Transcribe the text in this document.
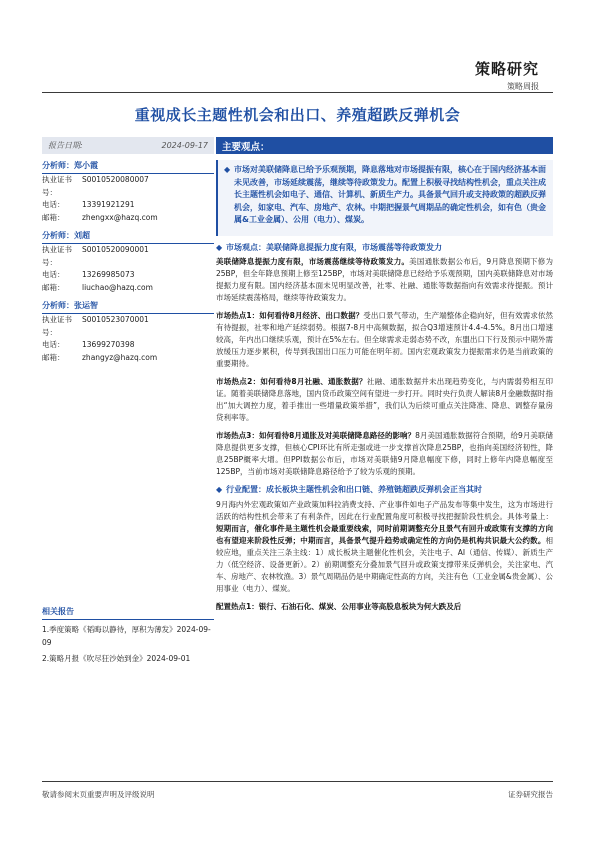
策略研究
策略周报
重视成长主题性机会和出口、养殖超跌反弹机会
报告日期:	2024-09-17
分析师：郑小霞
执业证书号：
S0010520080007
电话：	13391921291
邮箱：	zhengxx@hazq.com
分析师：刘超
执业证书号：
S0010520090001
电话：	13269985073
邮箱：	liuchao@hazq.com
分析师：张运智
执业证书号：
S0010523070001
电话：	13699270398
邮箱：	zhangyz@hazq.com
相关报告
1.季度策略《韬晦以静待，厚积为薄发》2024-09-09
2.策略月报《吹尽狂沙始到金》2024-09-01
主要观点：
◆ 市场对美联储降息已给予乐观预期，降息落地对市场提振有限，核心在于国内经济基本面未见改善，市场延续震荡，继续等待政策发力。配置上积极寻找结构性机会，重点关注成长主题性机会如电子、通信、计算机、新质生产力。具备景气回升或支持政策的超跌反弹机会，如家电、汽车、房地产、农林。中期把握景气周期品的确定性机会，如有色（贵金属&工业金属）、公用（电力）、煤炭。
◆ 市场观点：美联储降息提振力度有限，市场震荡等待政策发力
美联储降息提振力度有限，市场震荡继续等待政策发力。美国通胀数据公布后，9月降息预期下修为25BP，但全年降息预期上修至125BP，市场对美联储降息已经给予乐观预期，国内美联储降息对市场提振力度有限。国内经济基本面未见明显改善，社零、社融、通胀等数据指向有效需求待提振。预计市场延续震荡格局，继续等待政策发力。
市场热点1：如何看待8月经济、出口数据？受出口景气带动，生产端整体企稳向好，但有效需求依然有待提振，社零和地产延续弱势。根据7-8月中高频数据，拟合Q3增速预计4.4-4.5%。8月出口增速较高，年内出口继续乐观，预计在5%左右。但全球需求走弱态势不改，东盟出口下行及预示中期外需放缓压力逐步累积，传导到我国出口压力可能在明年初。国内宏观政策发力提振需求仍是当前政策的重要期待。
市场热点2：如何看待8月社融、通胀数据？社融、通胀数据并未出现趋势变化，与内需弱势相互印证。随着美联储降息落地，国内货币政策空间有望进一步打开。同时央行负责人解读8月金融数据时指出“加大调控力度，着手推出一些增量政策举措”，我们认为后续可重点关注降准、降息、调整存量房贷利率等。
市场热点3：如何看待8月通胀及对美联储降息路径的影响？8月美国通胀数据符合预期，给9月美联储降息提供更多支撑，但核心CPI环比有所走强或进一步支撑首次降息25BP，也指向美国经济韧性，降息25BP概率大增。但PPI数据公布后，市场对美联储9月降息幅度下修，同时上修年内降息幅度至125BP，当前市场对美联储降息路径给予了较为乐观的预期。
◆ 行业配置：成长板块主题性机会和出口链、养殖链超跌反弹机会正当其时
9月海内外宏观政策如产业政策加料拉消费支持、产业事件如电子产品发布等集中发生，这为市场进行活跃的结构性机会带来了有利条件，因此在行业配置角度可积极寻找把握阶段性机会。具体考量上：短期而言，催化事件是主题性机会最重要线索，同时前期调整充分且景气有回升或政策有支撑的方向也有望迎来阶段性反弹；中期而言，具备景气提升趋势或确定性的方向仍是机构共识最大公约数。相较应地，重点关注三条主线：1）成长板块主题催化性机会，关注电子、AI（通信、传媒）、新质生产力（低空经济、设备更新）。2）前期调整充分叠加景气回升或政策支撑带来反弹机会，关注家电、汽车、房地产、农林牧渔。3）景气周期品仍是中期确定性高的方向，关注有色（工业金属&贵金属）、公用事业（电力）、煤炭。
配置热点1：银行、石油石化、煤炭、公用事业等高股息板块为何大跌及后
敬请参阅末页重要声明及评级说明	证券研究报告
